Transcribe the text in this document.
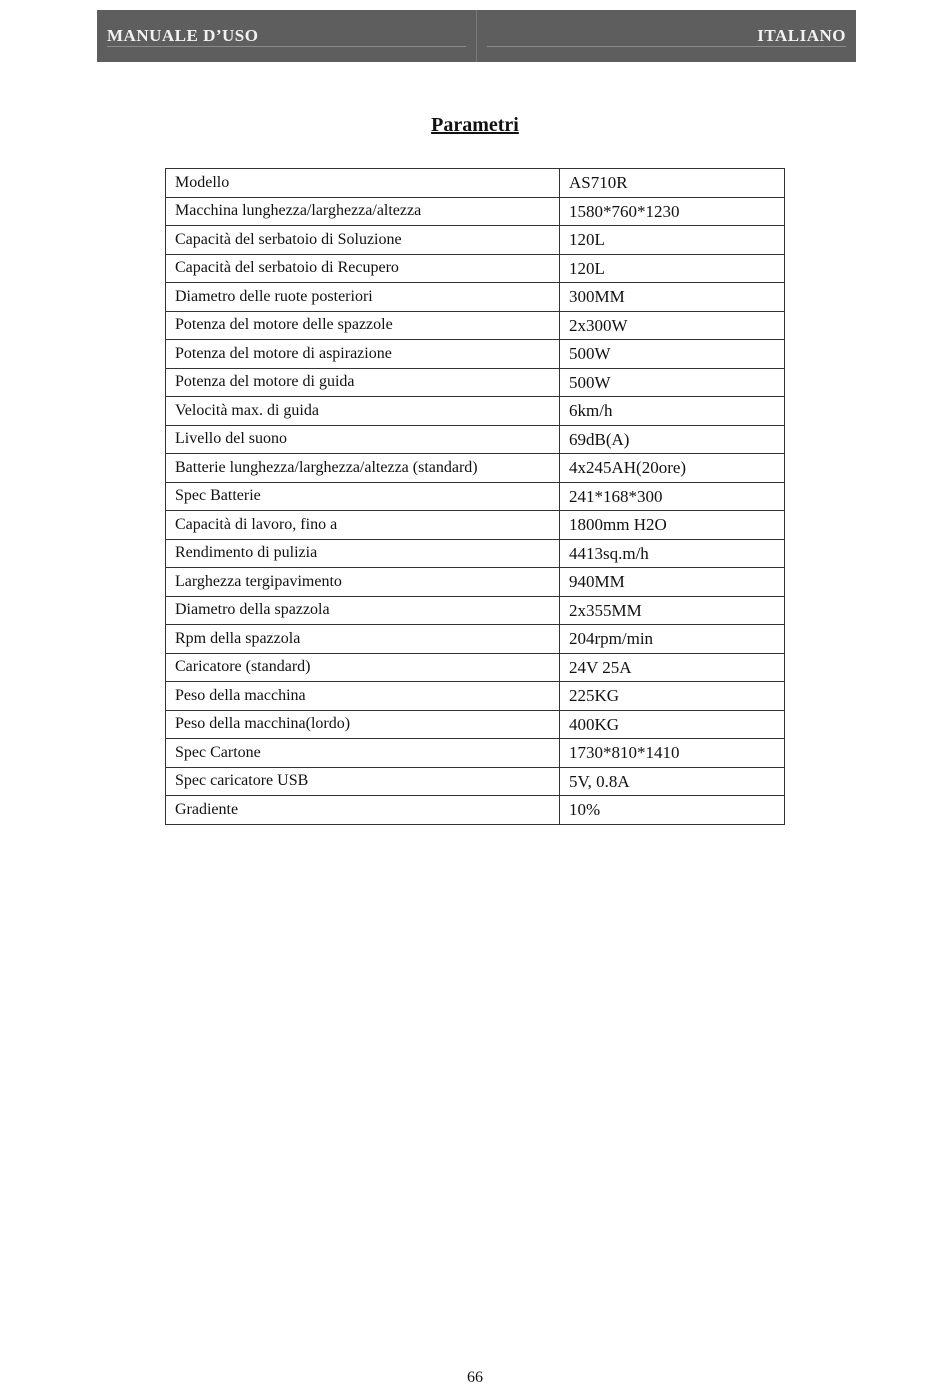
MANUALE D’USO	ITALIANO
Parametri
Modello	AS710R
Macchina lunghezza/larghezza/altezza	1580*760*1230
Capacità del serbatoio di Soluzione	120L
Capacità del serbatoio di Recupero	120L
Diametro delle ruote posteriori	300MM
Potenza del motore delle spazzole	2x300W
Potenza del motore di aspirazione	500W
Potenza del motore di guida	500W
Velocità max. di guida	6km/h
Livello del suono	69dB(A)
Batterie lunghezza/larghezza/altezza (standard)	4x245AH(20ore)
Spec Batterie	241*168*300
Capacità di lavoro, fino a	1800mm H2O
Rendimento di pulizia	4413sq.m/h
Larghezza tergipavimento	940MM
Diametro della spazzola	2x355MM
Rpm della spazzola	204rpm/min
Caricatore (standard)	24V 25A
Peso della macchina	225KG
Peso della macchina(lordo)	400KG
Spec Cartone	1730*810*1410
Spec caricatore USB	5V, 0.8A
Gradiente	10%
66
